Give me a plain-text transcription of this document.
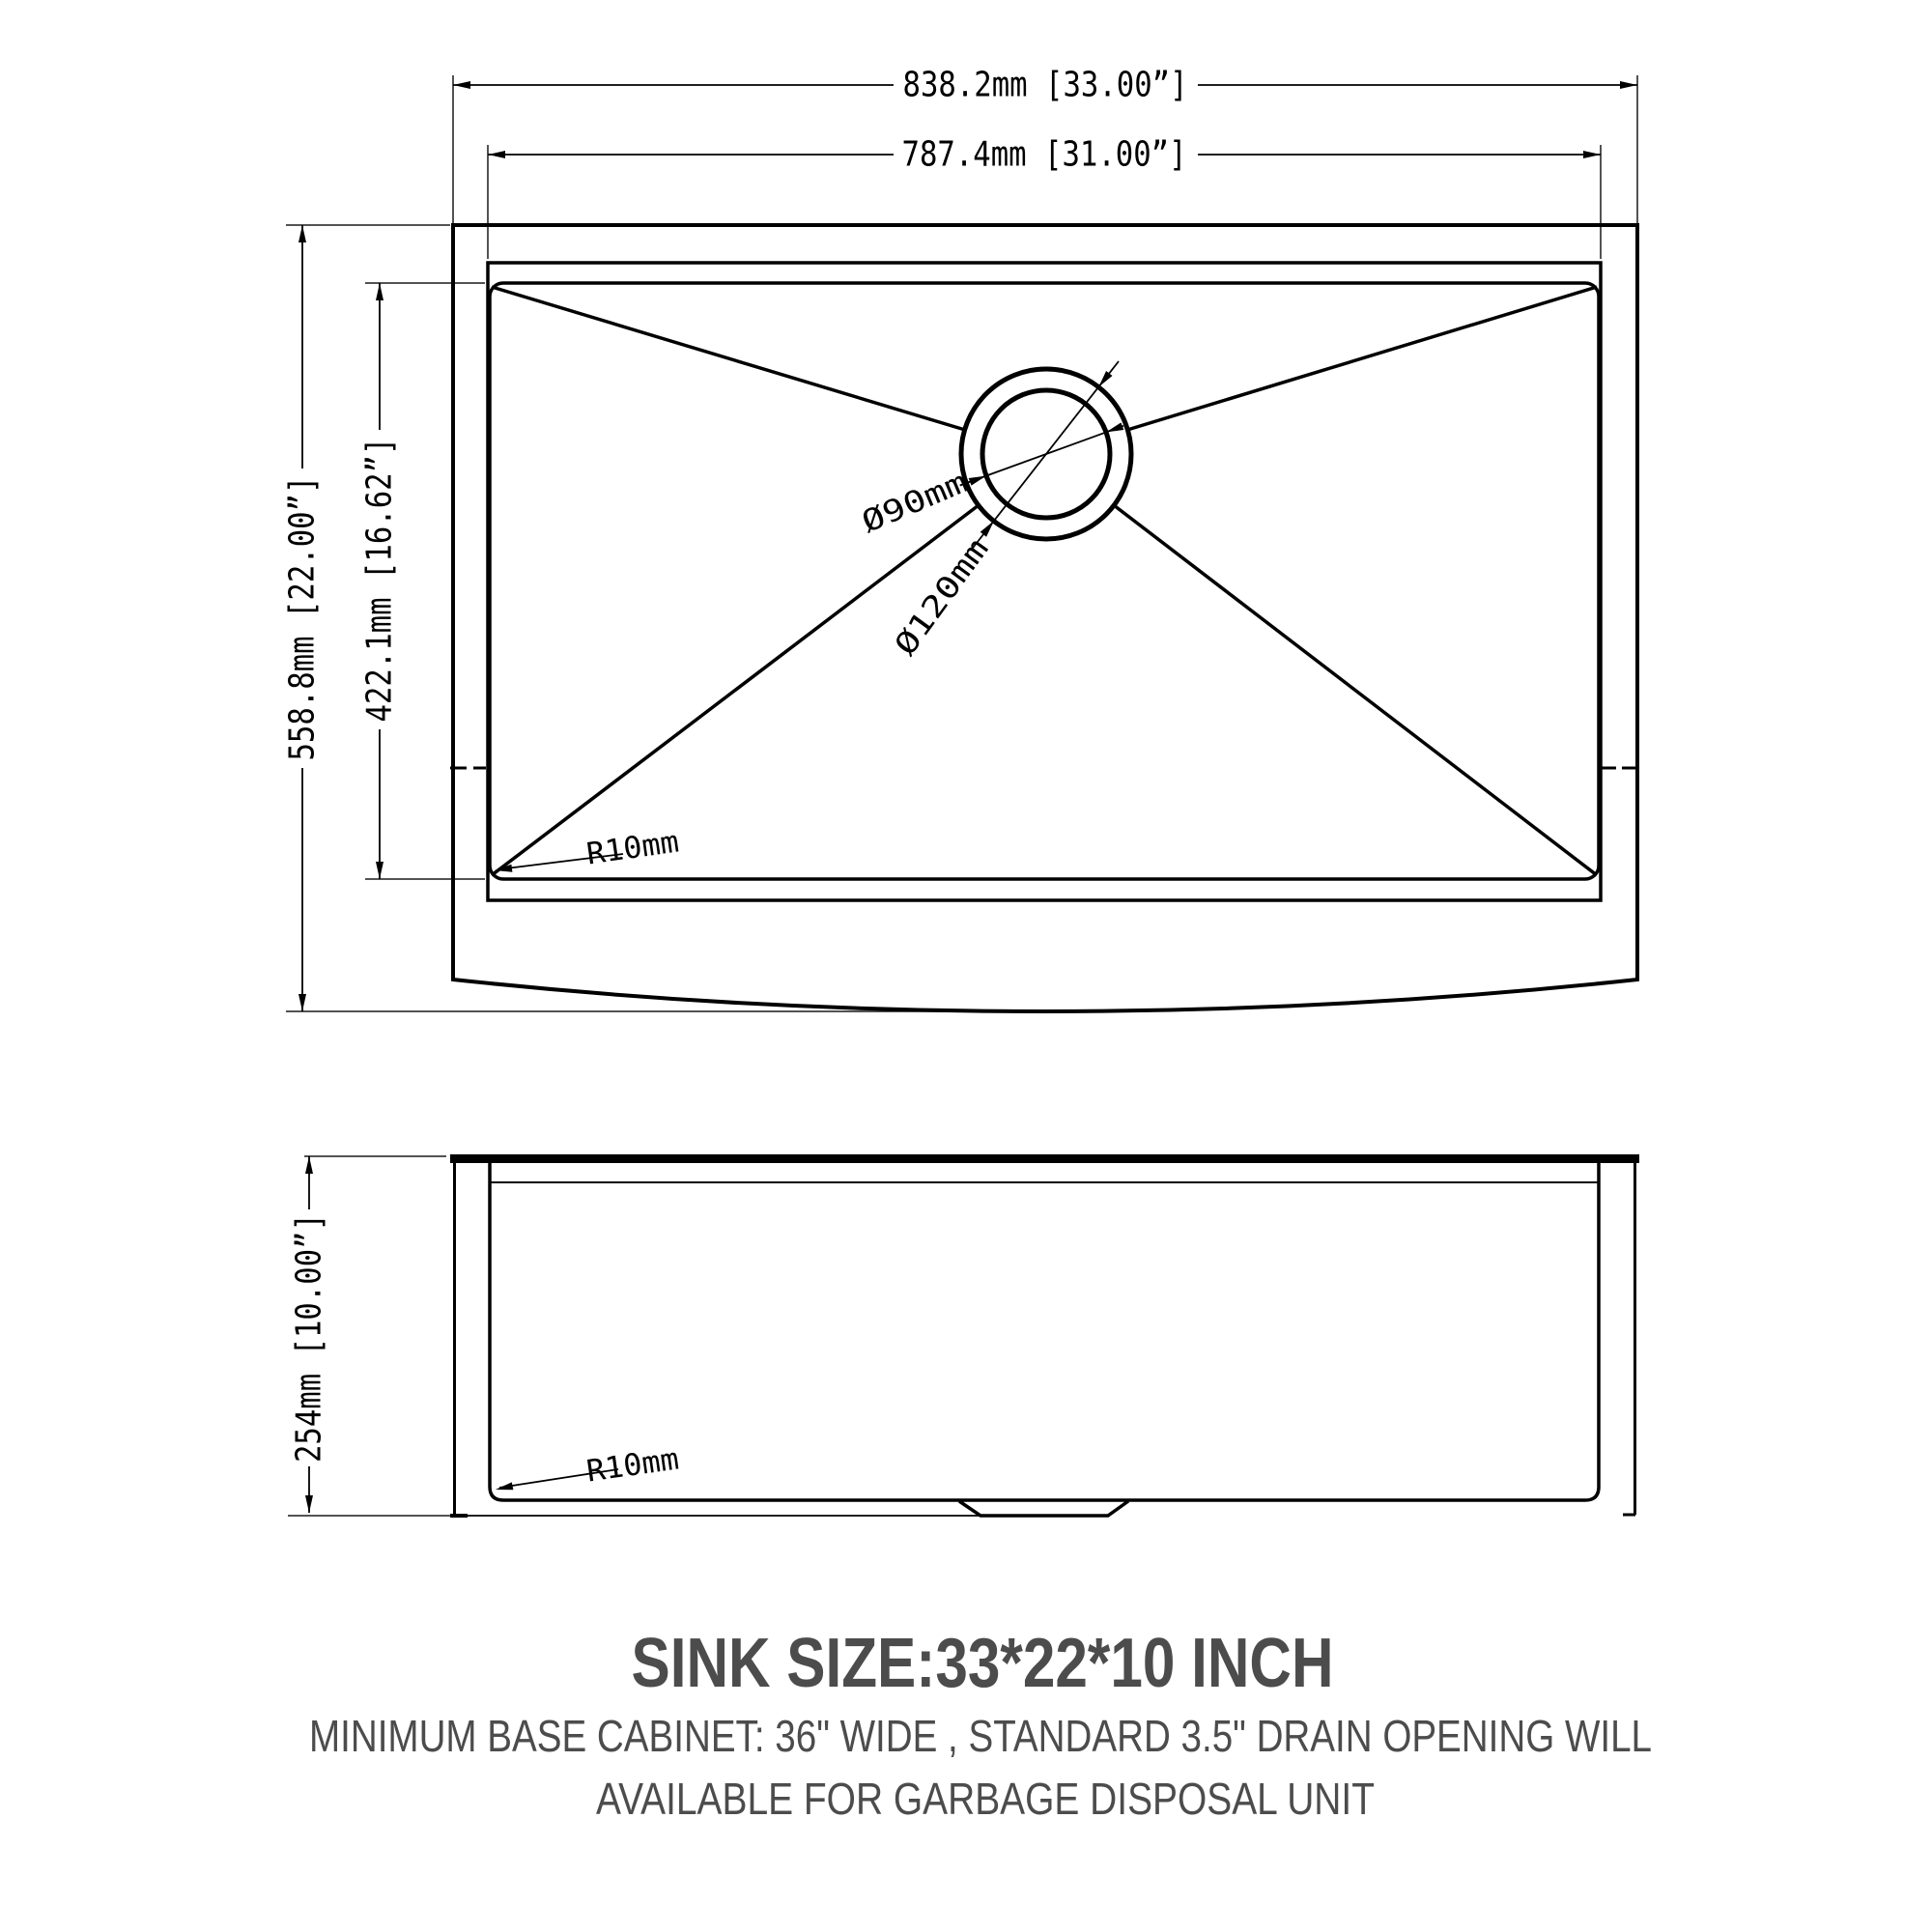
838.2mm [33.00”]
787.4mm [31.00”]
558.8mm [22.00”] 422.1mm [16.62”]	Ø90mm
Ø120mm
R10mm
254mm [10.00”]
R10mm
SINK SIZE:33*22*10 INCH
MINIMUM BASE CABINET: 36" WIDE , STANDARD 3.5" DRAIN OPENING WILL
AVAILABLE FOR GARBAGE DISPOSAL UNIT
